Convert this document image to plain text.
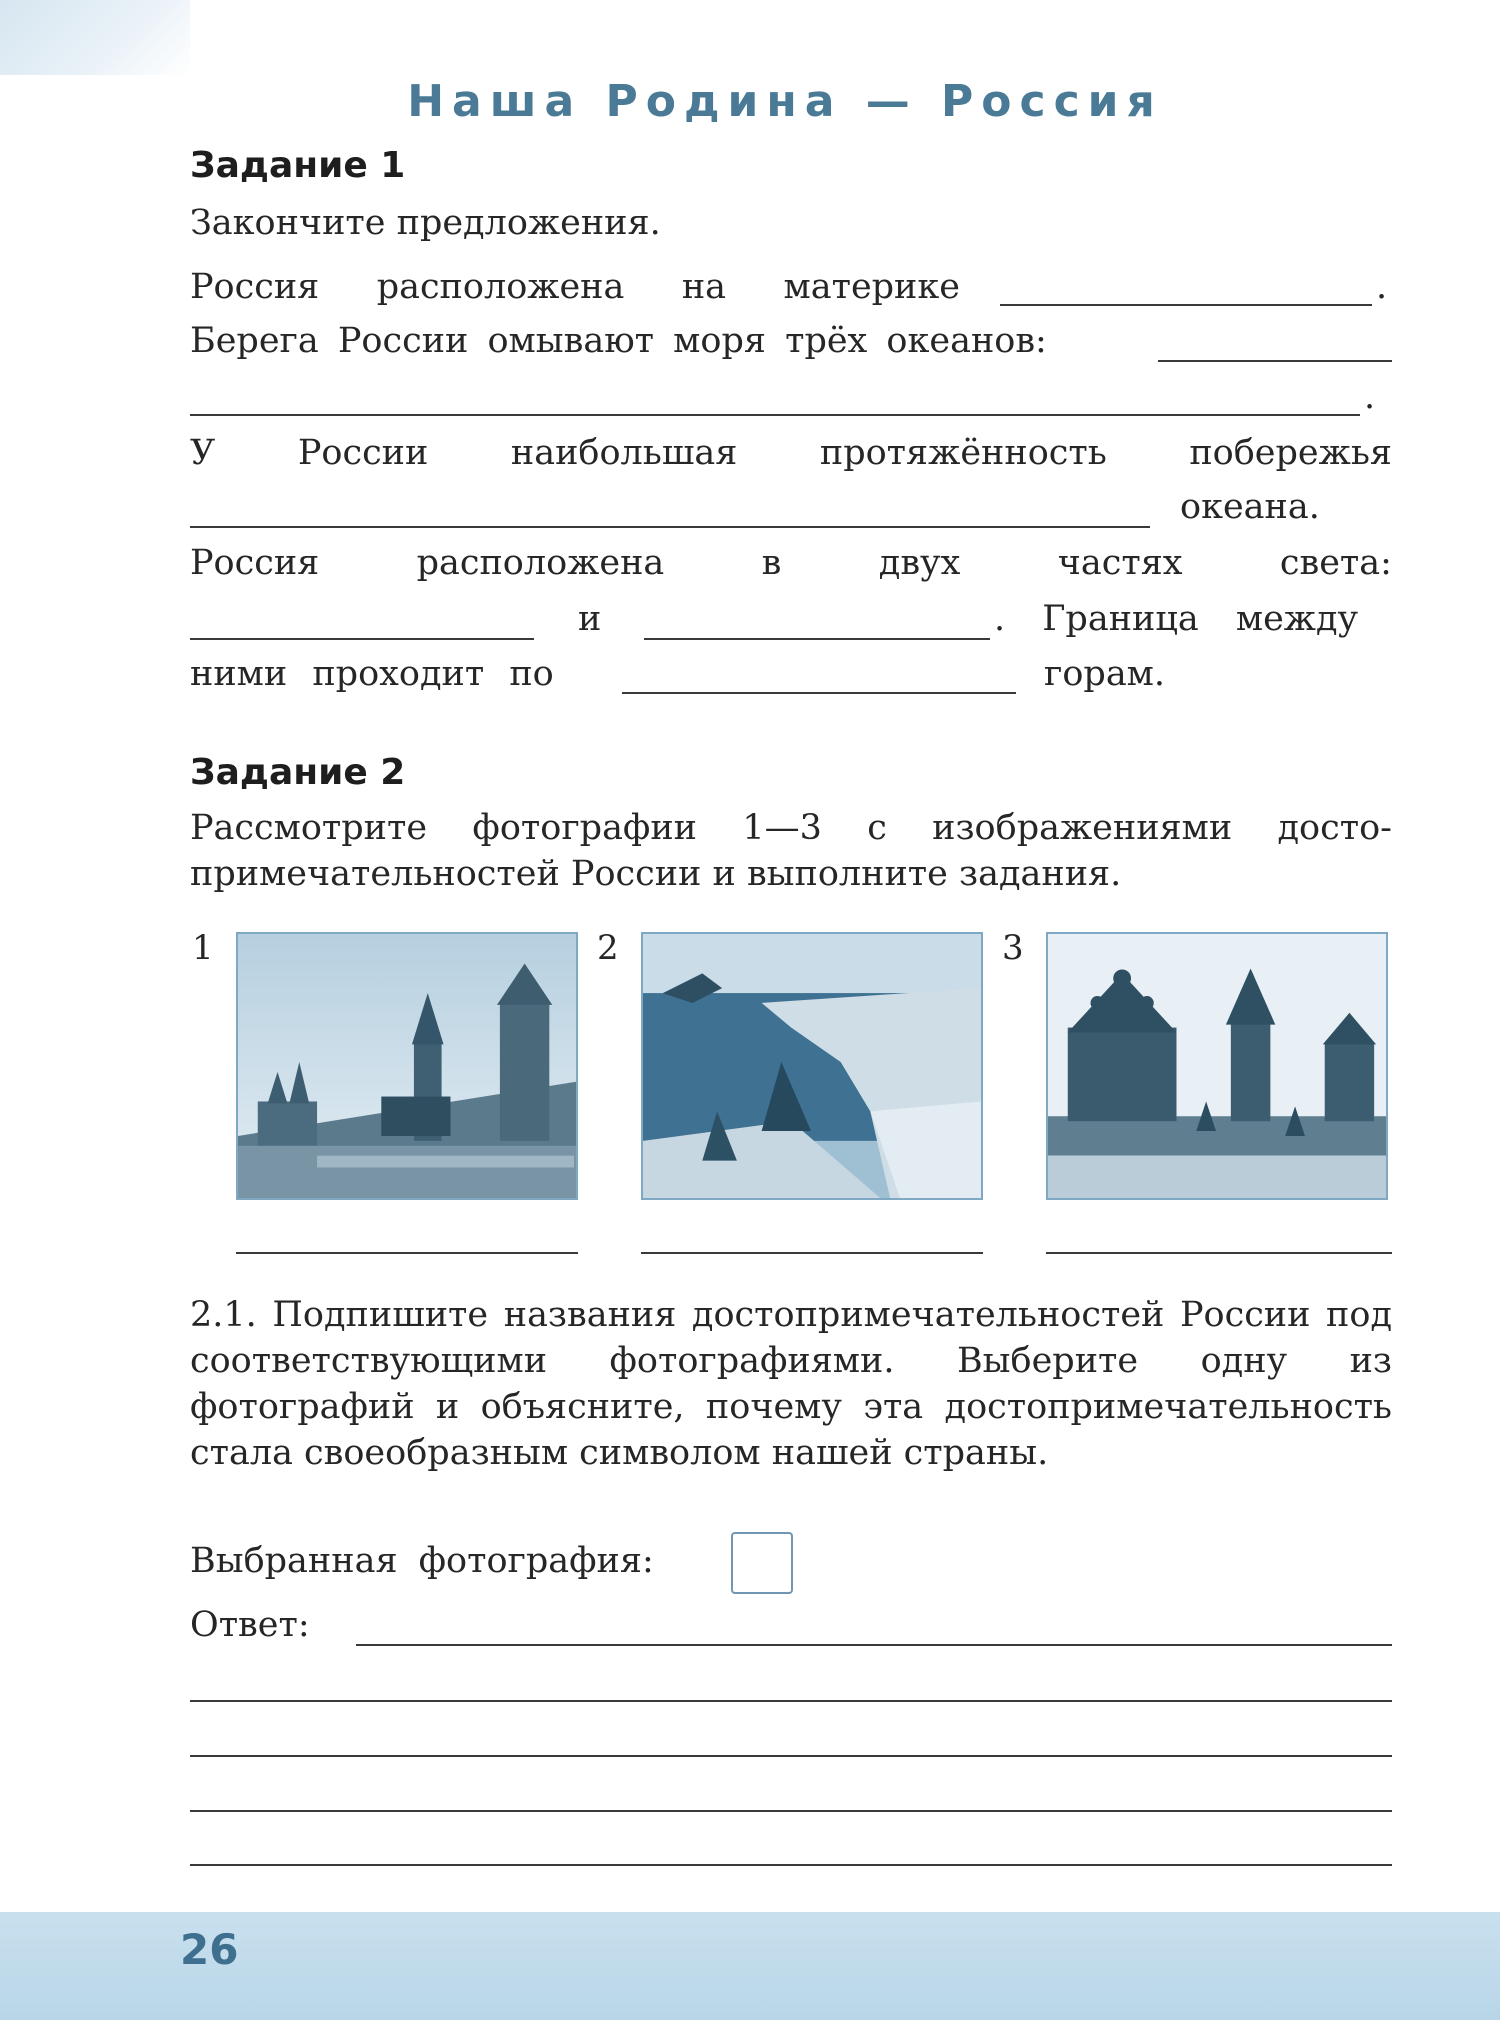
Наша Родина — Россия
Задание 1
Закончите предложения.
Россия расположена на материке	.
Берега России омывают моря трёх океанов:
.
У России наибольшая протяжённость побережья
океана.
Россия	расположена	в	двух	частях	света:
и	. Граница между
ними проходит по	горам.
Задание 2
Рассмотрите фотографии 1—3 с изображениями досто-примечательностей России и выполните задания.
1	2	3
2.1. Подпишите названия достопримечательностей России под соответствующими фотографиями. Выберите одну из фотографий и объясните, почему эта достопримечательность стала своеобразным символом нашей страны.
Выбранная фотография:
Ответ:
26
